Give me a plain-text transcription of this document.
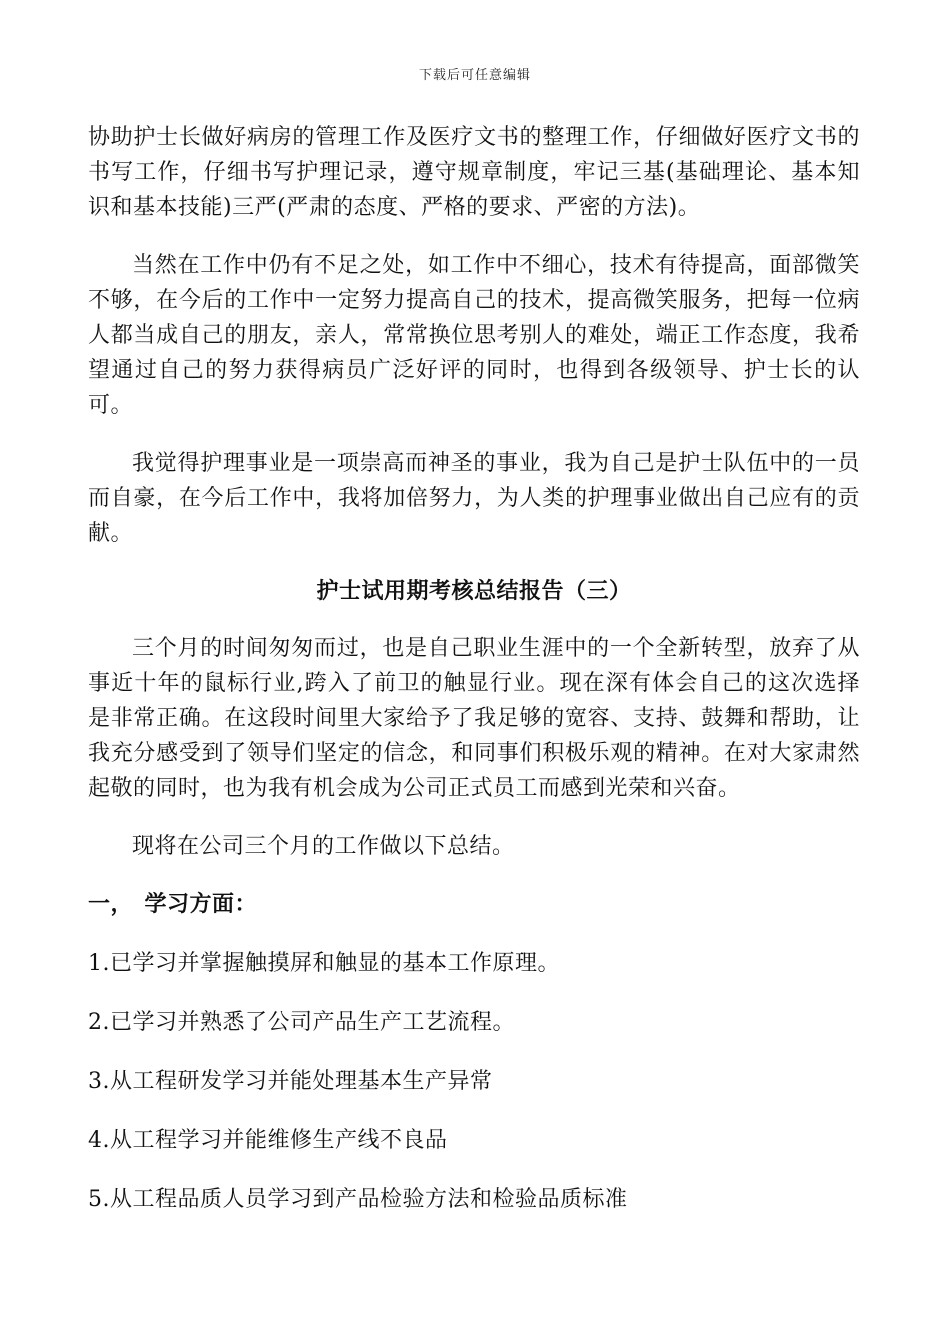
下载后可任意编辑

协助护士长做好病房的管理工作及医疗文书的整理工作，仔细做好医疗文书的书写工作，仔细书写护理记录，遵守规章制度，牢记三基(基础理论、基本知识和基本技能)三严(严肃的态度、严格的要求、严密的方法)。

当然在工作中仍有不足之处，如工作中不细心，技术有待提高，面部微笑不够，在今后的工作中一定努力提高自己的技术，提高微笑服务，把每一位病人都当成自己的朋友，亲人，常常换位思考别人的难处，端正工作态度，我希望通过自己的努力获得病员广泛好评的同时，也得到各级领导、护士长的认可。

我觉得护理事业是一项崇高而神圣的事业，我为自己是护士队伍中的一员而自豪，在今后工作中，我将加倍努力，为人类的护理事业做出自己应有的贡献。

护士试用期考核总结报告（三）

三个月的时间匆匆而过，也是自己职业生涯中的一个全新转型，放弃了从事近十年的鼠标行业,跨入了前卫的触显行业。现在深有体会自己的这次选择是非常正确。在这段时间里大家给予了我足够的宽容、支持、鼓舞和帮助，让我充分感受到了领导们坚定的信念，和同事们积极乐观的精神。在对大家肃然起敬的同时，也为我有机会成为公司正式员工而感到光荣和兴奋。

现将在公司三个月的工作做以下总结。

一，　学习方面：

1.已学习并掌握触摸屏和触显的基本工作原理。

2.已学习并熟悉了公司产品生产工艺流程。

3.从工程研发学习并能处理基本生产异常

4.从工程学习并能维修生产线不良品

5.从工程品质人员学习到产品检验方法和检验品质标准
